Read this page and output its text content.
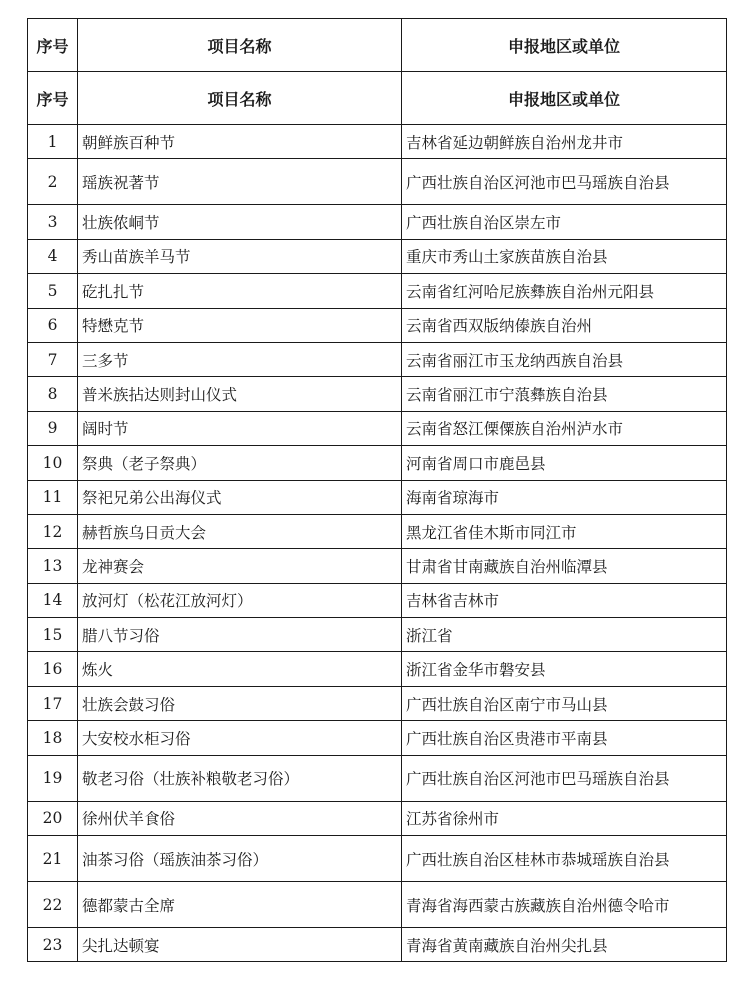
序号	项目名称	申报地区或单位
序号	项目名称	申报地区或单位
1	朝鲜族百种节	吉林省延边朝鲜族自治州龙井市
2	瑶族祝著节	广西壮族自治区河池市巴马瑶族自治县
3	壮族侬峒节	广西壮族自治区崇左市
4	秀山苗族羊马节	重庆市秀山土家族苗族自治县
5	矻扎扎节	云南省红河哈尼族彝族自治州元阳县
6	特懋克节	云南省西双版纳傣族自治州
7	三多节	云南省丽江市玉龙纳西族自治县
8	普米族拈达则封山仪式	云南省丽江市宁蒗彝族自治县
9	阔时节	云南省怒江傈僳族自治州泸水市
10	祭典（老子祭典）	河南省周口市鹿邑县
11	祭祀兄弟公出海仪式	海南省琼海市
12	赫哲族乌日贡大会	黑龙江省佳木斯市同江市
13	龙神赛会	甘肃省甘南藏族自治州临潭县
14	放河灯（松花江放河灯）	吉林省吉林市
15	腊八节习俗	浙江省
16	炼火	浙江省金华市磐安县
17	壮族会鼓习俗	广西壮族自治区南宁市马山县
18	大安校水柜习俗	广西壮族自治区贵港市平南县
19	敬老习俗（壮族补粮敬老习俗）	广西壮族自治区河池市巴马瑶族自治县
20	徐州伏羊食俗	江苏省徐州市
21	油茶习俗（瑶族油茶习俗）	广西壮族自治区桂林市恭城瑶族自治县
22	德都蒙古全席	青海省海西蒙古族藏族自治州德令哈市
23	尖扎达顿宴	青海省黄南藏族自治州尖扎县
